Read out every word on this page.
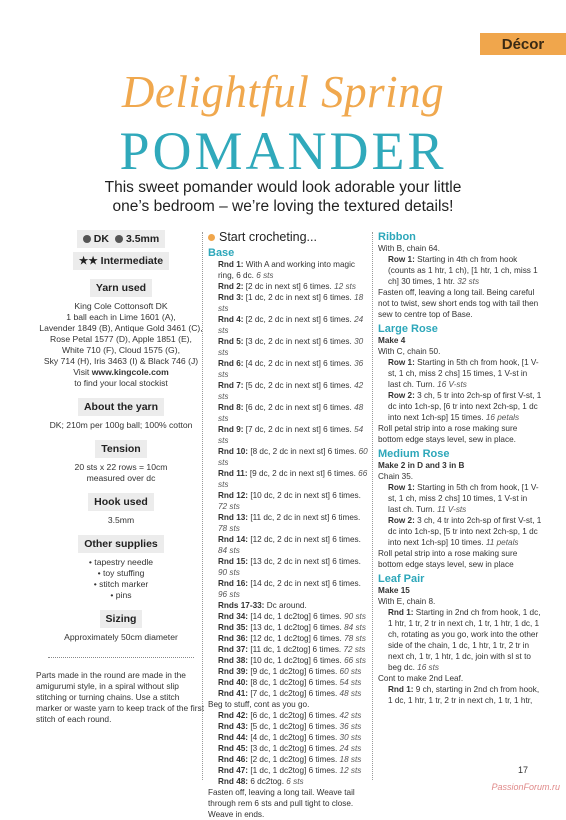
Décor
Delightful Spring
POMANDER
This sweet pomander would look adorable your little
one’s bedroom – we’re loving the textured details!
DK 3.5mm
★★ Intermediate
Yarn used
King Cole Cottonsoft DK
1 ball each in Lime 1601 (A),
Lavender 1849 (B), Antique Gold 3461 (C),
Rose Petal 1577 (D), Apple 1851 (E),
White 710 (F), Cloud 1575 (G),
Sky 714 (H), Iris 3463 (I) & Black 746 (J)
Visit www.kingcole.com
to find your local stockist
About the yarn
DK; 210m per 100g ball; 100% cotton
Tension
20 sts x 22 rows = 10cm
measured over dc
Hook used
3.5mm
Other supplies
• tapestry needle
• toy stuffing
• stitch marker
• pins
Sizing
Approximately 50cm diameter
Parts made in the round are made in the amigurumi style, in a spiral without slip stitching or turning chains. Use a stitch marker or waste yarn to keep track of the first stitch of each round.
Start crocheting...
Base
Rnd 1: With A and working into magic ring, 6 dc. 6 sts
Rnd 2: [2 dc in next st] 6 times. 12 sts
Rnd 3: [1 dc, 2 dc in next st] 6 times. 18 sts
Rnd 4: [2 dc, 2 dc in next st] 6 times. 24 sts
Rnd 5: [3 dc, 2 dc in next st] 6 times. 30 sts
Rnd 6: [4 dc, 2 dc in next st] 6 times. 36 sts
Rnd 7: [5 dc, 2 dc in next st] 6 times. 42 sts
Rnd 8: [6 dc, 2 dc in next st] 6 times. 48 sts
Rnd 9: [7 dc, 2 dc in next st] 6 times. 54 sts
Rnd 10: [8 dc, 2 dc in next st] 6 times. 60 sts
Rnd 11: [9 dc, 2 dc in next st] 6 times. 66 sts
Rnd 12: [10 dc, 2 dc in next st] 6 times. 72 sts
Rnd 13: [11 dc, 2 dc in next st] 6 times. 78 sts
Rnd 14: [12 dc, 2 dc in next st] 6 times. 84 sts
Rnd 15: [13 dc, 2 dc in next st] 6 times. 90 sts
Rnd 16: [14 dc, 2 dc in next st] 6 times. 96 sts
Rnds 17-33: Dc around.
Rnd 34: [14 dc, 1 dc2tog] 6 times. 90 sts
Rnd 35: [13 dc, 1 dc2tog] 6 times. 84 sts
Rnd 36: [12 dc, 1 dc2tog] 6 times. 78 sts
Rnd 37: [11 dc, 1 dc2tog] 6 times. 72 sts
Rnd 38: [10 dc, 1 dc2tog] 6 times. 66 sts
Rnd 39: [9 dc, 1 dc2tog] 6 times. 60 sts
Rnd 40: [8 dc, 1 dc2tog] 6 times. 54 sts
Rnd 41: [7 dc, 1 dc2tog] 6 times. 48 sts
Beg to stuff, cont as you go.
Rnd 42: [6 dc, 1 dc2tog] 6 times. 42 sts
Rnd 43: [5 dc, 1 dc2tog] 6 times. 36 sts
Rnd 44: [4 dc, 1 dc2tog] 6 times. 30 sts
Rnd 45: [3 dc, 1 dc2tog] 6 times. 24 sts
Rnd 46: [2 dc, 1 dc2tog] 6 times. 18 sts
Rnd 47: [1 dc, 1 dc2tog] 6 times. 12 sts
Rnd 48: 6 dc2tog. 6 sts
Fasten off, leaving a long tail. Weave tail through rem 6 sts and pull tight to close. Weave in ends.
Ribbon
With B, chain 64.
Row 1: Starting in 4th ch from hook (counts as 1 htr, 1 ch), [1 htr, 1 ch, miss 1 ch] 30 times, 1 htr. 32 sts
Fasten off, leaving a long tail. Being careful not to twist, sew short ends tog with tail then sew to centre top of Base.
Large Rose
Make 4
With C, chain 50.
Row 1: Starting in 5th ch from hook, [1 V-st, 1 ch, miss 2 chs] 15 times, 1 V-st in last ch. Turn. 16 V-sts
Row 2: 3 ch, 5 tr into 2ch-sp of first V-st, 1 dc into 1ch-sp, [6 tr into next 2ch-sp, 1 dc into next 1ch-sp] 15 times. 16 petals
Roll petal strip into a rose making sure bottom edge stays level, sew in place.
Medium Rose
Make 2 in D and 3 in B
Chain 35.
Row 1: Starting in 5th ch from hook, [1 V-st, 1 ch, miss 2 chs] 10 times, 1 V-st in last ch. Turn. 11 V-sts
Row 2: 3 ch, 4 tr into 2ch-sp of first V-st, 1 dc into 1ch-sp, [5 tr into next 2ch-sp, 1 dc into next 1ch-sp] 10 times. 11 petals
Roll petal strip into a rose making sure bottom edge stays level, sew in place
Leaf Pair
Make 15
With E, chain 8.
Rnd 1: Starting in 2nd ch from hook, 1 dc, 1 htr, 1 tr, 2 tr in next ch, 1 tr, 1 htr, 1 dc, 1 ch, rotating as you go, work into the other side of the chain, 1 dc, 1 htr, 1 tr, 2 tr in next ch, 1 tr, 1 htr, 1 dc, join with sl st to beg dc. 16 sts
Cont to make 2nd Leaf.
Rnd 1: 9 ch, starting in 2nd ch from hook, 1 dc, 1 htr, 1 tr, 2 tr in next ch, 1 tr, 1 htr,
17
PassionForum.ru
